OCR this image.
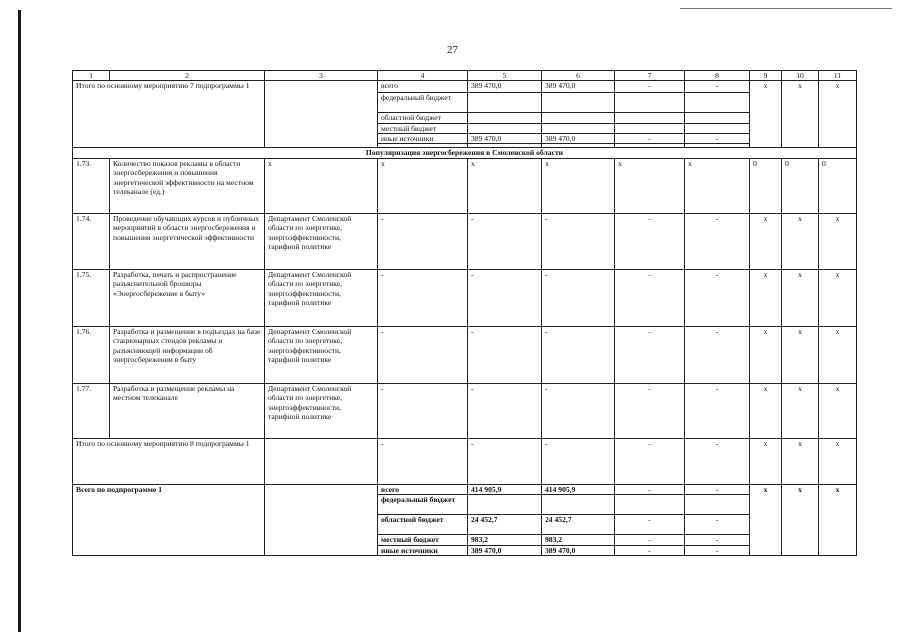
27
1	2	3	4	5	6	7	8	9	10	11
Итого по основному мероприятию 7 подпрограммы 1			всего	389 470,0	389 470,0	-	-	x	x	x
			федеральный бюджет							
			областной бюджет							
			местный бюджет							
			иные источники	389 470,0	389 470,0	-	-			

Популяризация энергосбережения в Смоленской области										
1.73.	Количество показов рекламы в области энергосбережения и повышения энергетической эффективности на местном телеканале (ед.)	х	х	х	х	х	х	0	0	0
1.74.	Проведение обучающих курсов и публичных мероприятий в области энергосбережения и повышения энергетической эффективности	Департамент Смоленской области по энергетике, энергоэффективности, тарифной политике	-	-	-	-	-	х	х	х
1.75.	Разработка, печать и распространение разъяснительной брошюры «Энергосбережение в быту»	Департамент Смоленской области по энергетике, энергоэффективности, тарифной политике	-	-	-	-	-	х	х	х
1.76.	Разработка и размещение в подъездах на базе стационарных стендов рекламы и разъясняющей информации об энергосбережении в быту	Департамент Смоленской области по энергетике, энергоэффективности, тарифной политике	-	-	-	-	-	х	х	х
1.77.	Разработка и размещение рекламы на местном телеканале	Департамент Смоленской области по энергетике, энергоэффективности, тарифной политике	-	-	-	-	-	х	х	х
Итого по основному мероприятию 8 подпрограммы 1			-	-	-	-	-	х	х	х
Всего по подпрограмме 1			всего	414 905,9	414 905,9	-	-	х	х	х
			федеральный бюджет							
			областной бюджет	24 452,7	24 452,7	-	-			
			местный бюджет	983,2	983,2	-	-			
			иные источники	389 470,0	389 470,0	-	-			
